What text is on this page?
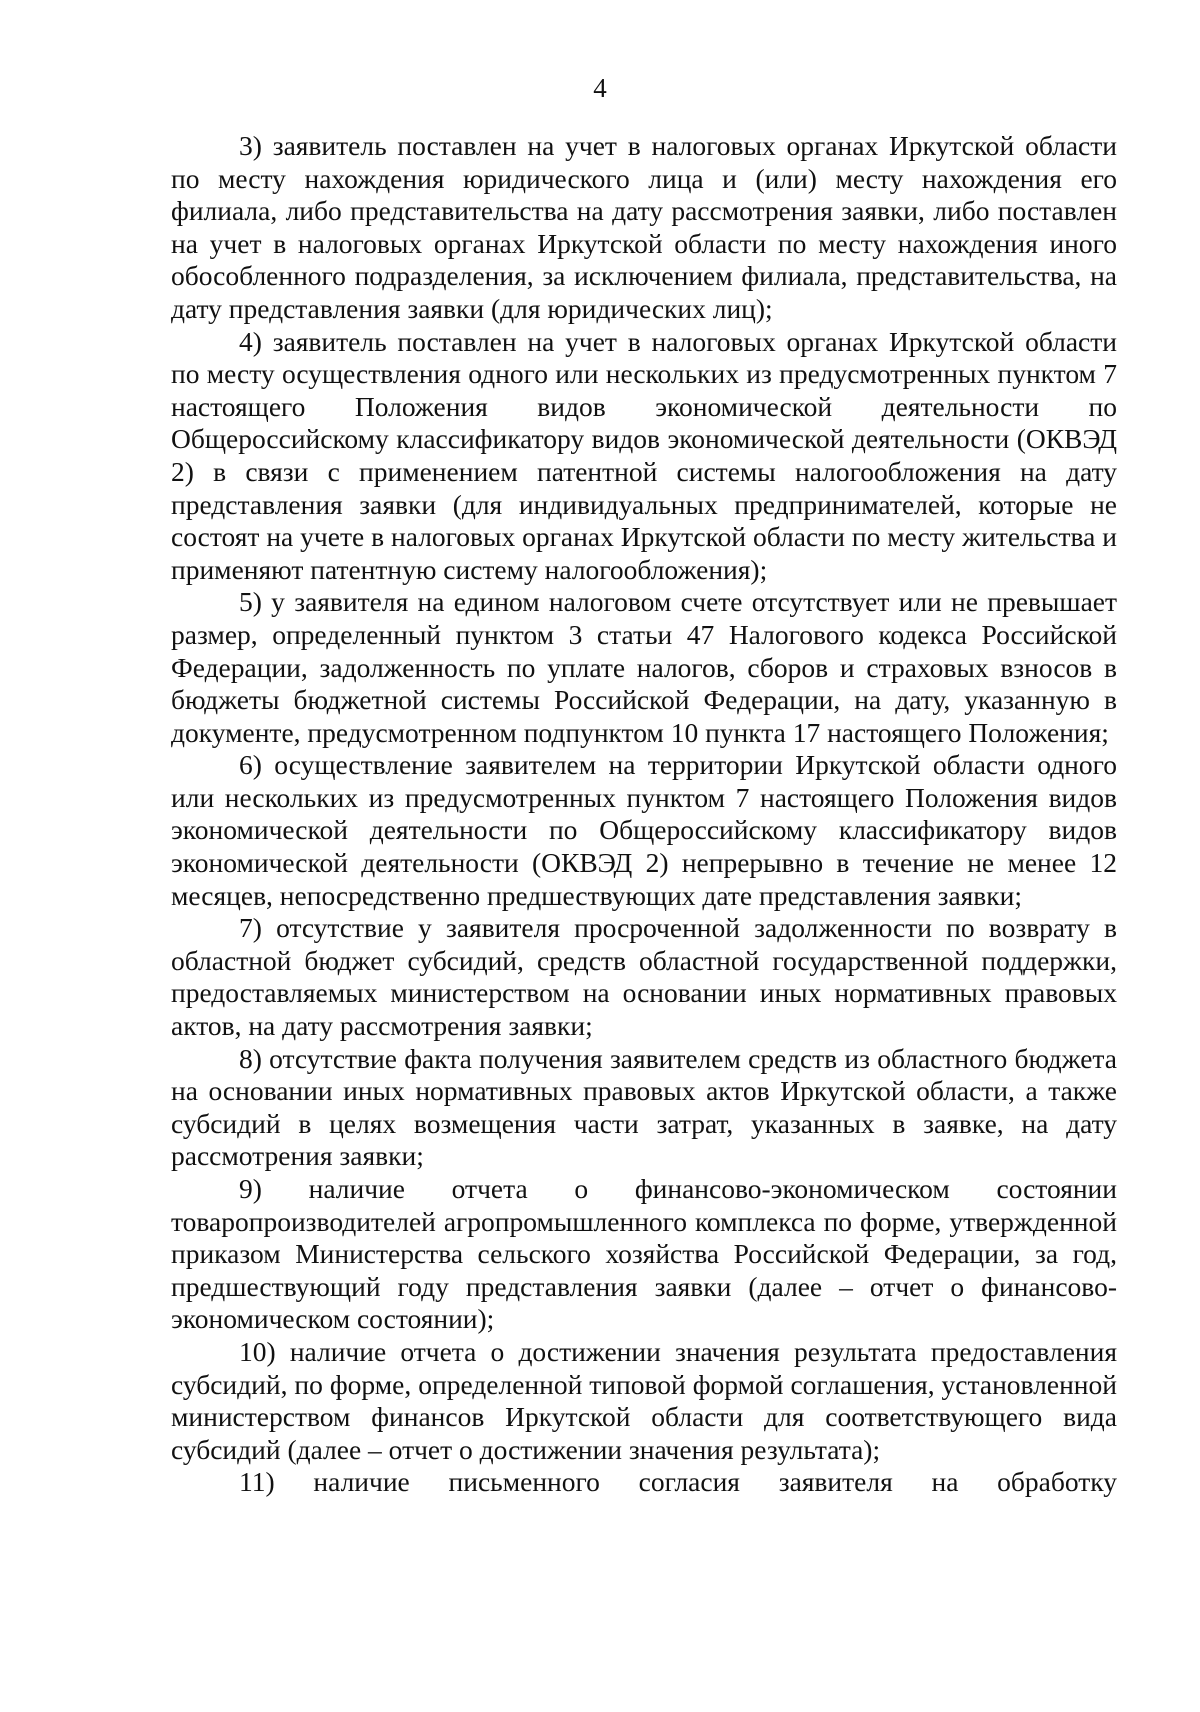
4

3) заявитель поставлен на учет в налоговых органах Иркутской области по месту нахождения юридического лица и (или) месту нахождения его филиала, либо представительства на дату рассмотрения заявки, либо поставлен на учет в налоговых органах Иркутской области по месту нахождения иного обособленного подразделения, за исключением филиала, представительства, на дату представления заявки (для юридических лиц);

4) заявитель поставлен на учет в налоговых органах Иркутской области по месту осуществления одного или нескольких из предусмотренных пунктом 7 настоящего Положения видов экономической деятельности по Общероссийскому классификатору видов экономической деятельности (ОКВЭД 2) в связи с применением патентной системы налогообложения на дату представления заявки (для индивидуальных предпринимателей, которые не состоят на учете в налоговых органах Иркутской области по месту жительства и применяют патентную систему налогообложения);

5) у заявителя на едином налоговом счете отсутствует или не превышает размер, определенный пунктом 3 статьи 47 Налогового кодекса Российской Федерации, задолженность по уплате налогов, сборов и страховых взносов в бюджеты бюджетной системы Российской Федерации, на дату, указанную в документе, предусмотренном подпунктом 10 пункта 17 настоящего Положения;

6) осуществление заявителем на территории Иркутской области одного или нескольких из предусмотренных пунктом 7 настоящего Положения видов экономической деятельности по Общероссийскому классификатору видов экономической деятельности (ОКВЭД 2) непрерывно в течение не менее 12 месяцев, непосредственно предшествующих дате представления заявки;

7) отсутствие у заявителя просроченной задолженности по возврату в областной бюджет субсидий, средств областной государственной поддержки, предоставляемых министерством на основании иных нормативных правовых актов, на дату рассмотрения заявки;

8) отсутствие факта получения заявителем средств из областного бюджета на основании иных нормативных правовых актов Иркутской области, а также субсидий в целях возмещения части затрат, указанных в заявке, на дату рассмотрения заявки;

9) наличие отчета о финансово-экономическом состоянии товаропроизводителей агропромышленного комплекса по форме, утвержденной приказом Министерства сельского хозяйства Российской Федерации, за год, предшествующий году представления заявки (далее – отчет о финансово-экономическом состоянии);

10) наличие отчета о достижении значения результата предоставления субсидий, по форме, определенной типовой формой соглашения, установленной министерством финансов Иркутской области для соответствующего вида субсидий (далее – отчет о достижении значения результата);

11) наличие письменного согласия заявителя на обработку
